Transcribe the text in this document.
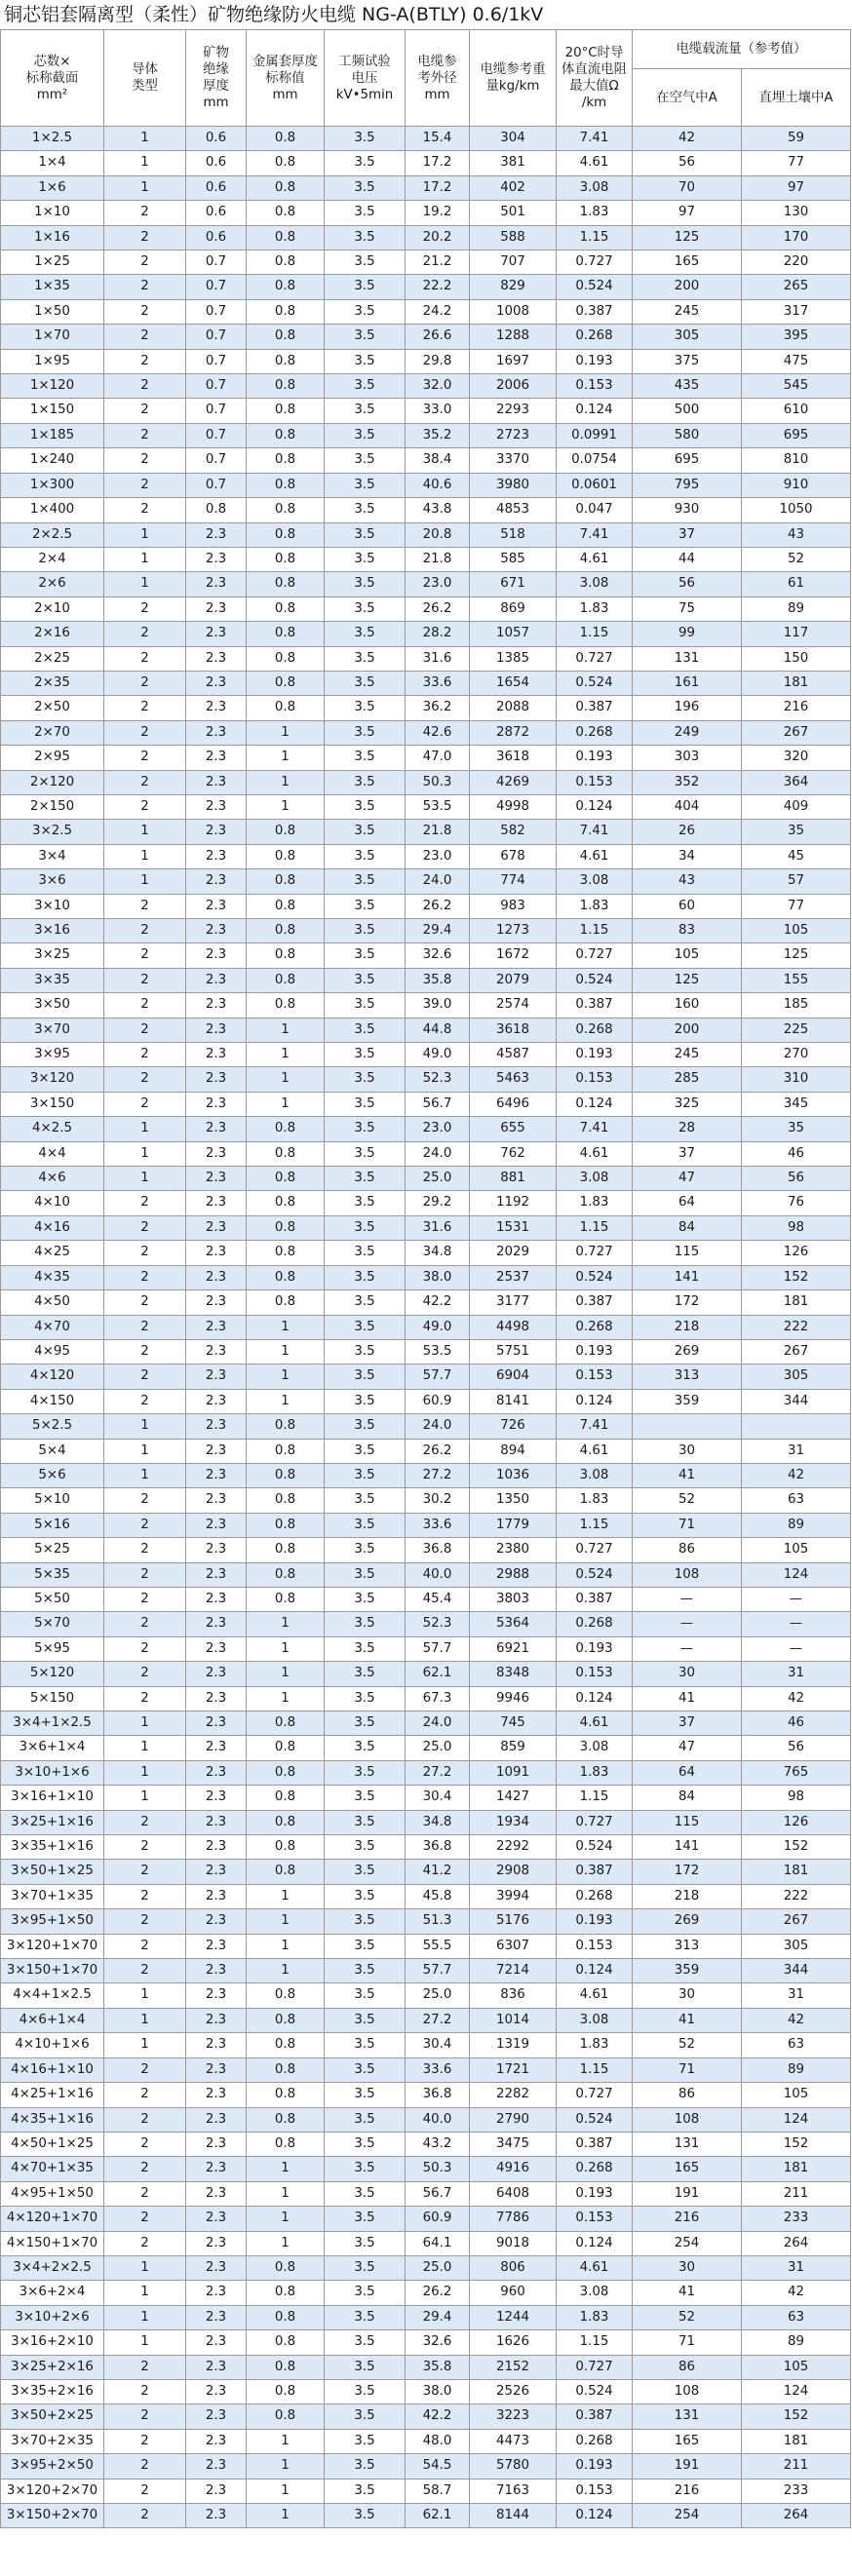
铜芯铝套隔离型（柔性）矿物绝缘防火电缆 NG-A(BTLY) 0.6/1kV
芯数×
标称截面
mm²	导体
类型	矿物
绝缘
厚度
mm	金属套厚度
标称值
mm	工频试验
电压
kV•5min	电缆参
考外径
mm	电缆参考重
量kg/km	20°C时导
体直流电阻
最大值Ω
/km	电缆载流量（参考值）	
								在空气中A	直埋土壤中A
1×2.5	1	0.6	0.8	3.5	15.4	304	7.41	42	59
1×4	1	0.6	0.8	3.5	17.2	381	4.61	56	77
1×6	1	0.6	0.8	3.5	17.2	402	3.08	70	97
1×10	2	0.6	0.8	3.5	19.2	501	1.83	97	130
1×16	2	0.6	0.8	3.5	20.2	588	1.15	125	170
1×25	2	0.7	0.8	3.5	21.2	707	0.727	165	220
1×35	2	0.7	0.8	3.5	22.2	829	0.524	200	265
1×50	2	0.7	0.8	3.5	24.2	1008	0.387	245	317
1×70	2	0.7	0.8	3.5	26.6	1288	0.268	305	395
1×95	2	0.7	0.8	3.5	29.8	1697	0.193	375	475
1×120	2	0.7	0.8	3.5	32.0	2006	0.153	435	545
1×150	2	0.7	0.8	3.5	33.0	2293	0.124	500	610
1×185	2	0.7	0.8	3.5	35.2	2723	0.0991	580	695
1×240	2	0.7	0.8	3.5	38.4	3370	0.0754	695	810
1×300	2	0.7	0.8	3.5	40.6	3980	0.0601	795	910
1×400	2	0.8	0.8	3.5	43.8	4853	0.047	930	1050
2×2.5	1	2.3	0.8	3.5	20.8	518	7.41	37	43
2×4	1	2.3	0.8	3.5	21.8	585	4.61	44	52
2×6	1	2.3	0.8	3.5	23.0	671	3.08	56	61
2×10	2	2.3	0.8	3.5	26.2	869	1.83	75	89
2×16	2	2.3	0.8	3.5	28.2	1057	1.15	99	117
2×25	2	2.3	0.8	3.5	31.6	1385	0.727	131	150
2×35	2	2.3	0.8	3.5	33.6	1654	0.524	161	181
2×50	2	2.3	0.8	3.5	36.2	2088	0.387	196	216
2×70	2	2.3	1	3.5	42.6	2872	0.268	249	267
2×95	2	2.3	1	3.5	47.0	3618	0.193	303	320
2×120	2	2.3	1	3.5	50.3	4269	0.153	352	364
2×150	2	2.3	1	3.5	53.5	4998	0.124	404	409
3×2.5	1	2.3	0.8	3.5	21.8	582	7.41	26	35
3×4	1	2.3	0.8	3.5	23.0	678	4.61	34	45
3×6	1	2.3	0.8	3.5	24.0	774	3.08	43	57
3×10	2	2.3	0.8	3.5	26.2	983	1.83	60	77
3×16	2	2.3	0.8	3.5	29.4	1273	1.15	83	105
3×25	2	2.3	0.8	3.5	32.6	1672	0.727	105	125
3×35	2	2.3	0.8	3.5	35.8	2079	0.524	125	155
3×50	2	2.3	0.8	3.5	39.0	2574	0.387	160	185
3×70	2	2.3	1	3.5	44.8	3618	0.268	200	225
3×95	2	2.3	1	3.5	49.0	4587	0.193	245	270
3×120	2	2.3	1	3.5	52.3	5463	0.153	285	310
3×150	2	2.3	1	3.5	56.7	6496	0.124	325	345
4×2.5	1	2.3	0.8	3.5	23.0	655	7.41	28	35
4×4	1	2.3	0.8	3.5	24.0	762	4.61	37	46
4×6	1	2.3	0.8	3.5	25.0	881	3.08	47	56
4×10	2	2.3	0.8	3.5	29.2	1192	1.83	64	76
4×16	2	2.3	0.8	3.5	31.6	1531	1.15	84	98
4×25	2	2.3	0.8	3.5	34.8	2029	0.727	115	126
4×35	2	2.3	0.8	3.5	38.0	2537	0.524	141	152
4×50	2	2.3	0.8	3.5	42.2	3177	0.387	172	181
4×70	2	2.3	1	3.5	49.0	4498	0.268	218	222
4×95	2	2.3	1	3.5	53.5	5751	0.193	269	267
4×120	2	2.3	1	3.5	57.7	6904	0.153	313	305
4×150	2	2.3	1	3.5	60.9	8141	0.124	359	344
5×2.5	1	2.3	0.8	3.5	24.0	726	7.41		
5×4	1	2.3	0.8	3.5	26.2	894	4.61	30	31
5×6	1	2.3	0.8	3.5	27.2	1036	3.08	41	42
5×10	2	2.3	0.8	3.5	30.2	1350	1.83	52	63
5×16	2	2.3	0.8	3.5	33.6	1779	1.15	71	89
5×25	2	2.3	0.8	3.5	36.8	2380	0.727	86	105
5×35	2	2.3	0.8	3.5	40.0	2988	0.524	108	124
5×50	2	2.3	0.8	3.5	45.4	3803	0.387	—	—
5×70	2	2.3	1	3.5	52.3	5364	0.268	—	—
5×95	2	2.3	1	3.5	57.7	6921	0.193	—	—
5×120	2	2.3	1	3.5	62.1	8348	0.153	30	31
5×150	2	2.3	1	3.5	67.3	9946	0.124	41	42
3×4+1×2.5	1	2.3	0.8	3.5	24.0	745	4.61	37	46
3×6+1×4	1	2.3	0.8	3.5	25.0	859	3.08	47	56
3×10+1×6	1	2.3	0.8	3.5	27.2	1091	1.83	64	765
3×16+1×10	1	2.3	0.8	3.5	30.4	1427	1.15	84	98
3×25+1×16	2	2.3	0.8	3.5	34.8	1934	0.727	115	126
3×35+1×16	2	2.3	0.8	3.5	36.8	2292	0.524	141	152
3×50+1×25	2	2.3	0.8	3.5	41.2	2908	0.387	172	181
3×70+1×35	2	2.3	1	3.5	45.8	3994	0.268	218	222
3×95+1×50	2	2.3	1	3.5	51.3	5176	0.193	269	267
3×120+1×70	2	2.3	1	3.5	55.5	6307	0.153	313	305
3×150+1×70	2	2.3	1	3.5	57.7	7214	0.124	359	344
4×4+1×2.5	1	2.3	0.8	3.5	25.0	836	4.61	30	31
4×6+1×4	1	2.3	0.8	3.5	27.2	1014	3.08	41	42
4×10+1×6	1	2.3	0.8	3.5	30.4	1319	1.83	52	63
4×16+1×10	2	2.3	0.8	3.5	33.6	1721	1.15	71	89
4×25+1×16	2	2.3	0.8	3.5	36.8	2282	0.727	86	105
4×35+1×16	2	2.3	0.8	3.5	40.0	2790	0.524	108	124
4×50+1×25	2	2.3	0.8	3.5	43.2	3475	0.387	131	152
4×70+1×35	2	2.3	1	3.5	50.3	4916	0.268	165	181
4×95+1×50	2	2.3	1	3.5	56.7	6408	0.193	191	211
4×120+1×70	2	2.3	1	3.5	60.9	7786	0.153	216	233
4×150+1×70	2	2.3	1	3.5	64.1	9018	0.124	254	264
3×4+2×2.5	1	2.3	0.8	3.5	25.0	806	4.61	30	31
3×6+2×4	1	2.3	0.8	3.5	26.2	960	3.08	41	42
3×10+2×6	1	2.3	0.8	3.5	29.4	1244	1.83	52	63
3×16+2×10	1	2.3	0.8	3.5	32.6	1626	1.15	71	89
3×25+2×16	2	2.3	0.8	3.5	35.8	2152	0.727	86	105
3×35+2×16	2	2.3	0.8	3.5	38.0	2526	0.524	108	124
3×50+2×25	2	2.3	0.8	3.5	42.2	3223	0.387	131	152
3×70+2×35	2	2.3	1	3.5	48.0	4473	0.268	165	181
3×95+2×50	2	2.3	1	3.5	54.5	5780	0.193	191	211
3×120+2×70	2	2.3	1	3.5	58.7	7163	0.153	216	233
3×150+2×70	2	2.3	1	3.5	62.1	8144	0.124	254	264
